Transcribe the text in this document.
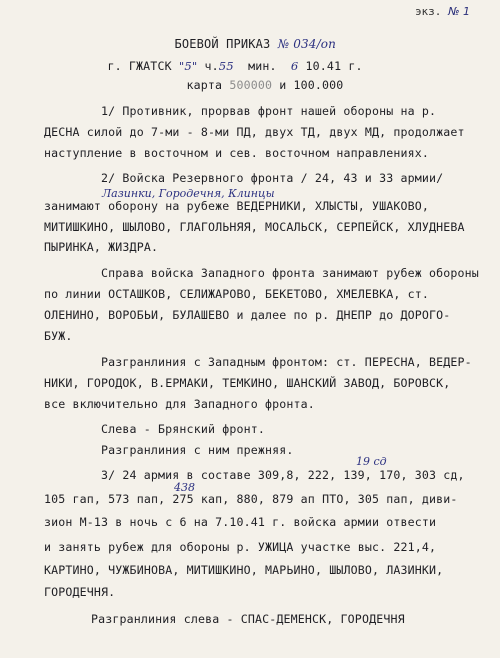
экз. № 1

БОЕВОЙ ПРИКАЗ № 034/оп

г. ГЖАТСК "5" ч.55 мин. 6 10.41 г.

карта 500000 и 100.000

1/ Противник, прорвав фронт нашей обороны на р.
ДЕСНА силой до 7-ми - 8-ми ПД, двух ТД, двух МД, продолжает
наступление в восточном и сев. восточном направлениях.
2/ Войска Резервного фронта / 24, 43 и 33 армии/
Лазинки, Городечня, Клинцы
занимают оборону на рубеже ВЕДЕРНИКИ, ХЛЫСТЫ, УШАКОВО,
МИТИШКИНО, ШЫЛОВО, ГЛАГОЛЬНЯЯ, МОСАЛЬСК, СЕРПЕЙСК, ХЛУДНЕВА
ПЫРИНКА, ЖИЗДРА.
Справа войска Западного фронта занимают рубеж обороны
по линии ОСТАШКОВ, СЕЛИЖАРОВО, БЕКЕТОВО, ХМЕЛЕВКА, ст.
ОЛЕНИНО, ВОРОБЬИ, БУЛАШЕВО и далее по р. ДНЕПР до ДОРОГО-
БУЖ.
Разгранлиния с Западным фронтом: ст. ПЕРЕСНА, ВЕДЕР-
НИКИ, ГОРОДОК, В.ЕРМАКИ, ТЕМКИНО, ШАНСКИЙ ЗАВОД, БОРОВСК,
все включительно для Западного фронта.
Слева - Брянский фронт.
Разгранлиния с ним прежняя.
19 сд
3/ 24 армия в составе 309,8, 222, 139, 170, 303 сд,
438
105 гап, 573 пап, 275 кап, 880, 879 ап ПТО, 305 пап, диви-
зион М-13 в ночь с 6 на 7.10.41 г. войска армии отвести
и занять рубеж для обороны р. УЖИЦА участке выс. 221,4,
КАРТИНО, ЧУЖБИНОВА, МИТИШКИНО, МАРЬИНО, ШЫЛОВО, ЛАЗИНКИ,
ГОРОДЕЧНЯ.
Разгранлиния слева - СПАС-ДЕМЕНСК, ГОРОДЕЧНЯ
